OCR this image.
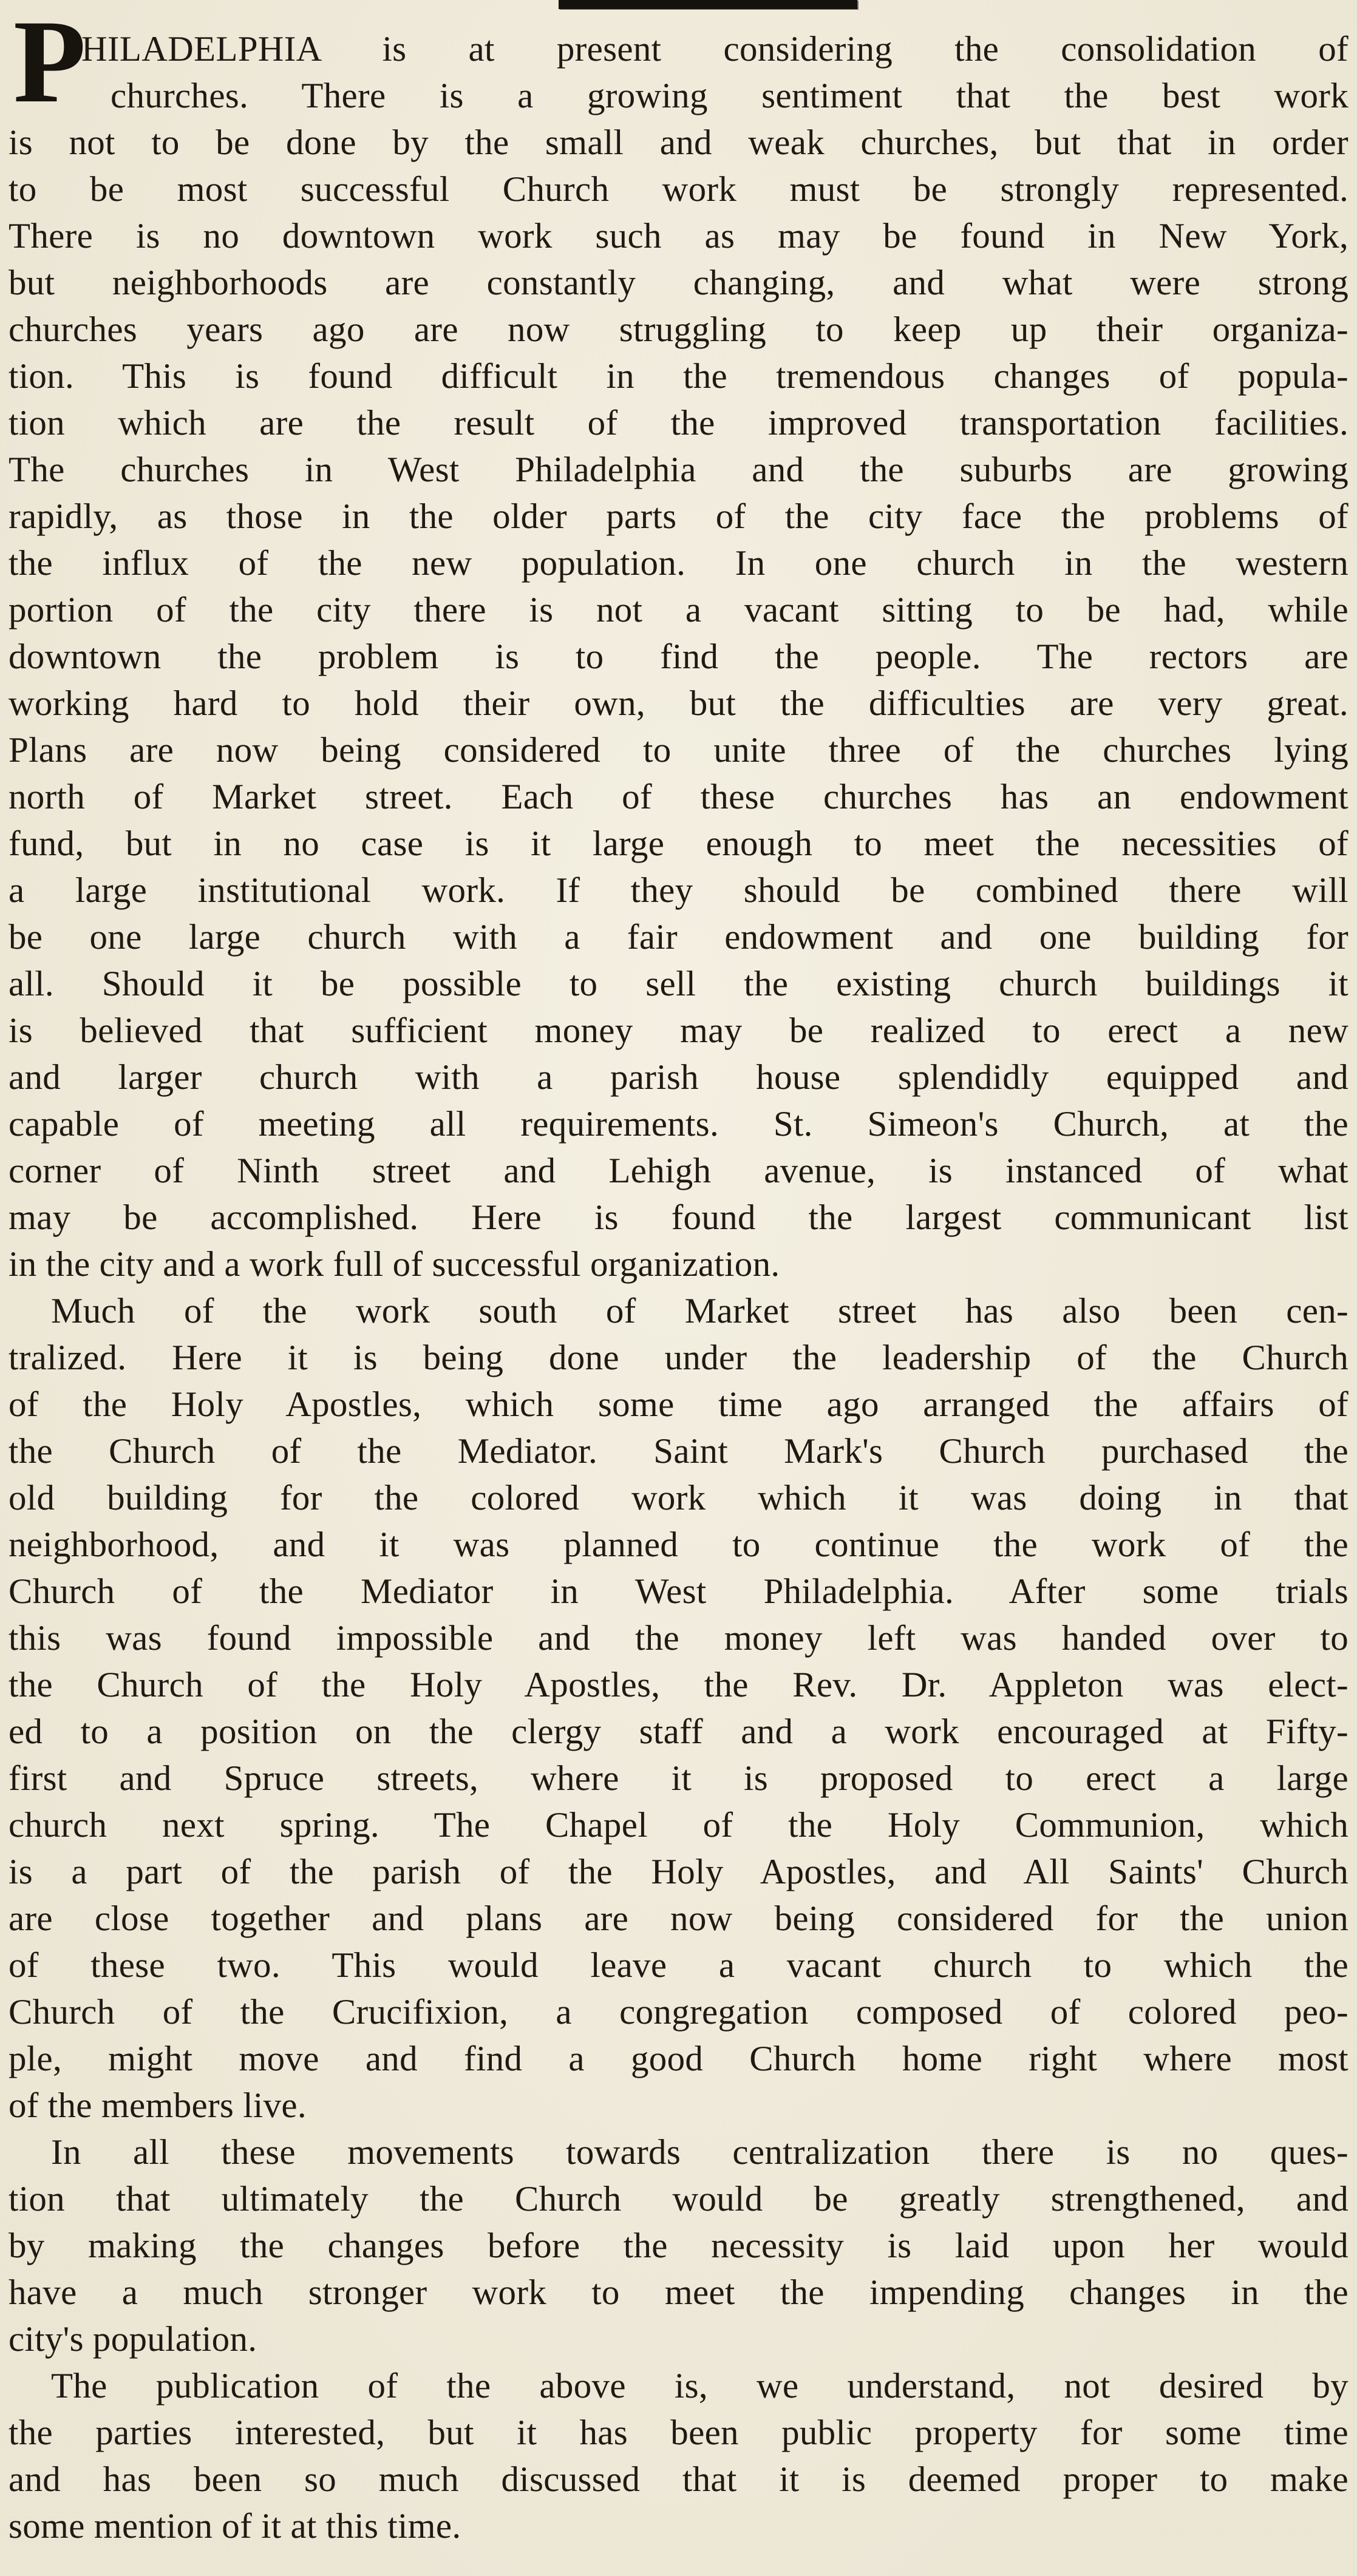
P
HILADELPHIA is at present considering the consolidation of
churches. There is a growing sentiment that the best work
is not to be done by the small and weak churches, but that in order
to be most successful Church work must be strongly represented.
There is no downtown work such as may be found in New York,
but neighborhoods are constantly changing, and what were strong
churches years ago are now struggling to keep up their organiza-
tion. This is found difficult in the tremendous changes of popula-
tion which are the result of the improved transportation facilities.
The churches in West Philadelphia and the suburbs are growing
rapidly, as those in the older parts of the city face the problems of
the influx of the new population. In one church in the western
portion of the city there is not a vacant sitting to be had, while
downtown the problem is to find the people. The rectors are
working hard to hold their own, but the difficulties are very great.
Plans are now being considered to unite three of the churches lying
north of Market street. Each of these churches has an endowment
fund, but in no case is it large enough to meet the necessities of
a large institutional work. If they should be combined there will
be one large church with a fair endowment and one building for
all. Should it be possible to sell the existing church buildings it
is believed that sufficient money may be realized to erect a new
and larger church with a parish house splendidly equipped and
capable of meeting all requirements. St. Simeon's Church, at the
corner of Ninth street and Lehigh avenue, is instanced of what
may be accomplished. Here is found the largest communicant list
in the city and a work full of successful organization.
Much of the work south of Market street has also been cen-
tralized. Here it is being done under the leadership of the Church
of the Holy Apostles, which some time ago arranged the affairs of
the Church of the Mediator. Saint Mark's Church purchased the
old building for the colored work which it was doing in that
neighborhood, and it was planned to continue the work of the
Church of the Mediator in West Philadelphia. After some trials
this was found impossible and the money left was handed over to
the Church of the Holy Apostles, the Rev. Dr. Appleton was elect-
ed to a position on the clergy staff and a work encouraged at Fifty-
first and Spruce streets, where it is proposed to erect a large
church next spring. The Chapel of the Holy Communion, which
is a part of the parish of the Holy Apostles, and All Saints' Church
are close together and plans are now being considered for the union
of these two. This would leave a vacant church to which the
Church of the Crucifixion, a congregation composed of colored peo-
ple, might move and find a good Church home right where most
of the members live.
In all these movements towards centralization there is no ques-
tion that ultimately the Church would be greatly strengthened, and
by making the changes before the necessity is laid upon her would
have a much stronger work to meet the impending changes in the
city's population.
The publication of the above is, we understand, not desired by
the parties interested, but it has been public property for some time
and has been so much discussed that it is deemed proper to make
some mention of it at this time.
